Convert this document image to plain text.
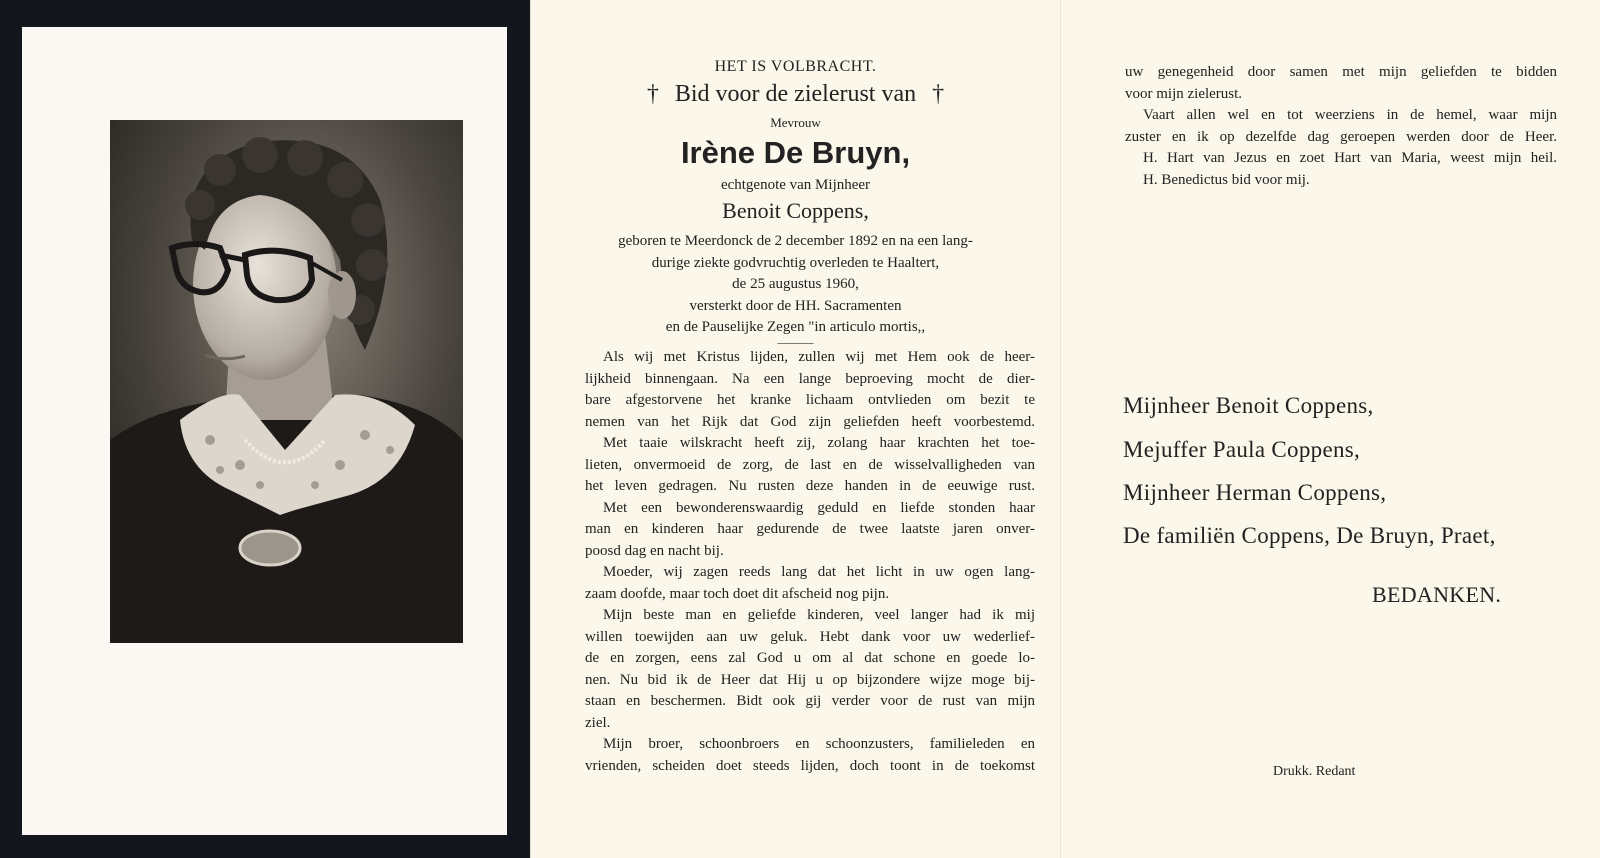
HET IS VOLBRACHT.
† Bid voor de zielerust van †
Mevrouw
Irène De Bruyn,
echtgenote van Mijnheer
Benoit Coppens,
geboren te Meerdonck de 2 december 1892 en na een lang-
durige ziekte godvruchtig overleden te Haaltert,
de 25 augustus 1960,
versterkt door de HH. Sacramenten
en de Pauselijke Zegen "in articulo mortis,,
———
Als wij met Kristus lijden, zullen wij met Hem ook de heer-
lijkheid binnengaan. Na een lange beproeving mocht de dier-
bare afgestorvene het kranke lichaam ontvlieden om bezit te
nemen van het Rijk dat God zijn geliefden heeft voorbestemd.
Met taaie wilskracht heeft zij, zolang haar krachten het toe-
lieten, onvermoeid de zorg, de last en de wisselvalligheden van
het leven gedragen. Nu rusten deze handen in de eeuwige rust.
Met een bewonderenswaardig geduld en liefde stonden haar
man en kinderen haar gedurende de twee laatste jaren onver-
poosd dag en nacht bij.
Moeder, wij zagen reeds lang dat het licht in uw ogen lang-
zaam doofde, maar toch doet dit afscheid nog pijn.
Mijn beste man en geliefde kinderen, veel langer had ik mij
willen toewijden aan uw geluk. Hebt dank voor uw wederlief-
de en zorgen, eens zal God u om al dat schone en goede lo-
nen. Nu bid ik de Heer dat Hij u op bijzondere wijze moge bij-
staan en beschermen. Bidt ook gij verder voor de rust van mijn
ziel.
Mijn broer, schoonbroers en schoonzusters, familieleden en
vrienden, scheiden doet steeds lijden, doch toont in de toekomst
uw genegenheid door samen met mijn geliefden te bidden
voor mijn zielerust.
Vaart allen wel en tot weerziens in de hemel, waar mijn
zuster en ik op dezelfde dag geroepen werden door de Heer.
H. Hart van Jezus en zoet Hart van Maria, weest mijn heil.
H. Benedictus bid voor mij.
Mijnheer Benoit Coppens,
Mejuffer Paula Coppens,
Mijnheer Herman Coppens,
De familiën Coppens, De Bruyn, Praet,
BEDANKEN.
Drukk. Redant
